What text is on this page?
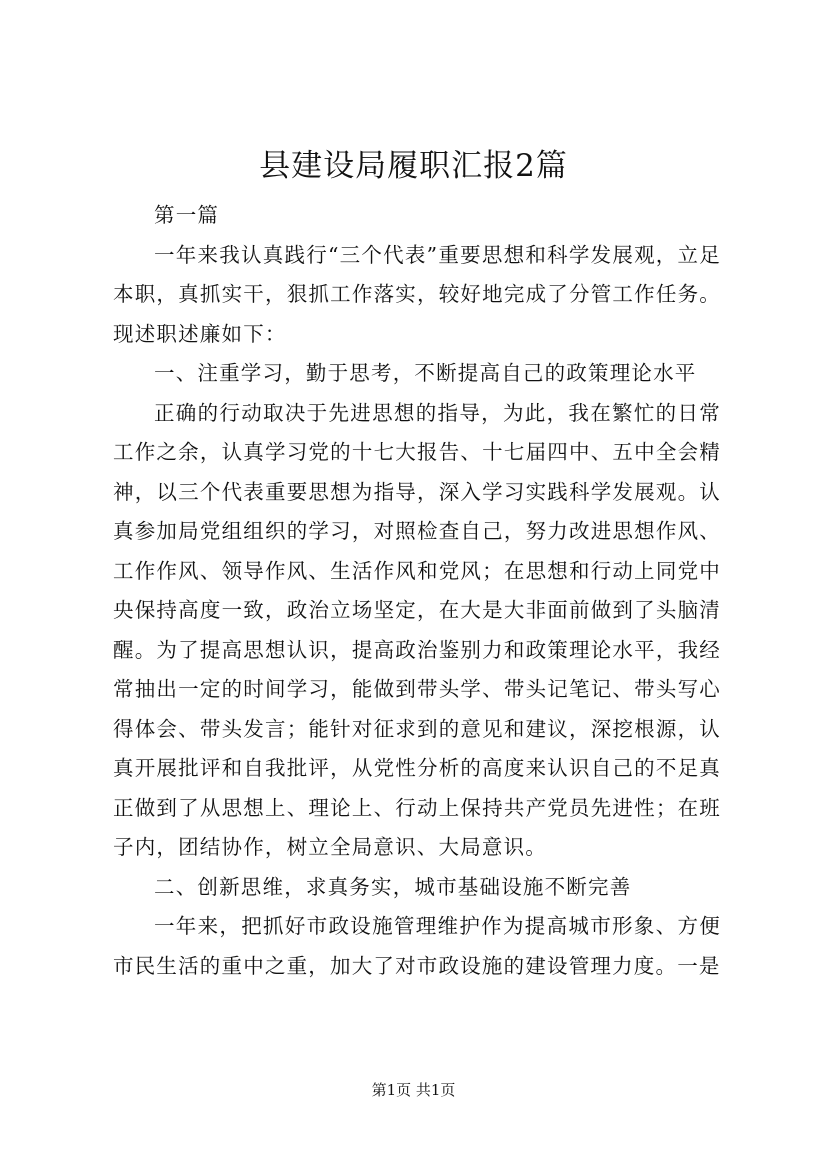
县建设局履职汇报2篇

第一篇

一年来我认真践行“三个代表”重要思想和科学发展观，立足本职，真抓实干，狠抓工作落实，较好地完成了分管工作任务。现述职述廉如下：

一、注重学习，勤于思考，不断提高自己的政策理论水平

正确的行动取决于先进思想的指导，为此，我在繁忙的日常工作之余，认真学习党的十七大报告、十七届四中、五中全会精神，以三个代表重要思想为指导，深入学习实践科学发展观。认真参加局党组组织的学习，对照检查自己，努力改进思想作风、工作作风、领导作风、生活作风和党风；在思想和行动上同党中央保持高度一致，政治立场坚定，在大是大非面前做到了头脑清醒。为了提高思想认识，提高政治鉴别力和政策理论水平，我经常抽出一定的时间学习，能做到带头学、带头记笔记、带头写心得体会、带头发言；能针对征求到的意见和建议，深挖根源，认真开展批评和自我批评，从党性分析的高度来认识自己的不足真正做到了从思想上、理论上、行动上保持共产党员先进性；在班子内，团结协作，树立全局意识、大局意识。

二、创新思维，求真务实，城市基础设施不断完善

一年来，把抓好市政设施管理维护作为提高城市形象、方便市民生活的重中之重，加大了对市政设施的建设管理力度。一是

第1页 共1页
